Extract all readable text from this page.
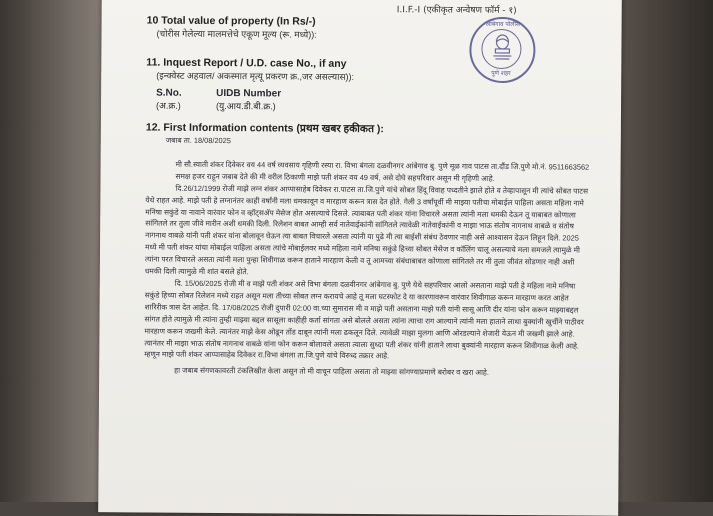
I.I.F.-I (एकीकृत अन्वेषण फॉर्म - १)
आंबेगाव पोलीस
पुणे शहर
10 Total value of property (In Rs/-)
(चोरीस गेलेल्या मालमत्तेचे एकूण मूल्य (रू. मध्ये)):
11. Inquest Report / U.D. case No., if any
(इन्क्वेस्ट अहवाल/ अकस्मात मृत्यू प्रकरण क्र.,जर असल्यास)):
S.No.	UIDB Number
(अ.क्र.)	(यु.आय.डी.बी.क्र.)
12. First Information contents (प्रथम खबर हकीकत ):
जबाब ता. 18/08/2025
मी सौ.स्वाती शंकर दिवेकर वय 44 वर्ष व्यवसाय गृहिणी रस्या रा. विभा बंगला दळवीनगर आंबेगाव बु. पुणे मूळ गाव पाटस ता.दौंड जि.पुणे मो.नं. 9511663562
समक्ष हजर राहून जबाब देते की मी वरील ठिकाणी माझे पती शंकर वय 49 वर्ष, असे दोघे सहपरिवार असून मी गृहिणी आहे.
दि.26/12/1999 रोजी माझे लग्न शंकर आप्पासाहेब दिवेकर रा.पाटस ता.जि.पुणे यांचे सोबत हिंदू विवाह पध्दतीने झाले होते व तेव्हापासून मी त्यांचे सोबत पाटस येथे राहत आहे. माझे पती हे लग्नानंतर काही वर्षांनी मला धमकावून व मारहाण करून त्रास देत होते. गेली 3 वर्षांपूर्वी मी माझ्या पतीचा मोबाईल पाहिला असता महिला नामे मनिषा सकुंडे या नावाने वारंवार फोन व व्हॉट्सॲप मेसेज होत असल्याचे दिसले. त्याबाबत पती शंकर यांना विचारले असता त्यांनी मला धमकी देऊन तू याबाबत कोणाला सांगितले तर तुला जीवे मारीन अशी धमकी दिली. रिलेशन बाबत आम्ही सर्व नातेवाईकांनी सांगितले त्यावेळी नातेवाईकांनी व माझा भाऊ संतोष नागनाथ वाबळे व संतोष नागनाथ वाबळे यांनी पती शंकर यांना बोलावून घेऊन त्या बाबत विचारले असता त्यांनी या पुढे मी त्या बाईशी संबंध ठेवणार नाही असे आश्वासन देऊन लिहून दिले. 2025 मध्ये मी पती शंकर यांचा मोबाईल पाहिला असता त्यांचे मोबाईलवर मध्ये महिला नामे मनिषा सकुंडे हिच्या सोबत मेसेज व कॉलिंग चालू असल्याचे मला समजले त्यामुळे मी त्यांना परत विचारले असता त्यांनी मला पुन्हा शिवीगाळ करून हाताने मारहाण केली व तू आमच्या संबंधाबाबत कोणाला सांगितले तर मी तुला जीवंत सोडणार नाही अशी धमकी दिली त्यामुळे मी शांत बसले होते.
दि. 15/06/2025 रोजी मी व माझे पती शंकर असे विभा बंगला दळवीनगर आंबेगाव बु. पुणे येथे सहपरिवार आलो असताना माझे पती हे महिला नामे मनिषा सकुंडे हिच्या सोबत रिलेशन मध्ये राहत असून मला तीच्या सोबत लग्न करायचे आहे तू मला घटस्फोट दे या कारणावरून वारंवार शिवीगाळ करून मारहाण करत आहेत शारिरीक त्रास देत आहेत. दि. 17/08/2025 रोजी दुपारी 02:00 वा.च्या सुमारास मी व माझे पती असताना माझे पती यांनी सासू आणि दीर यांना फोन करून माझ्याबद्दल सांगत होते त्यामुळे मी त्यांना तुम्ही माझ्या बद्दल सासूला काहीही कर्ता सांगता असे बोलले असता त्यांना त्याचा राग आल्याने त्यांनी मला हाताने लाथा बुक्यांनी खुर्चीने पाठीवर मारहाण करून जखमी केले. त्यानंतर माझे केस ओढून तोंड दाबून त्यांनी मला ढकलून दिले. त्यावेळी माझा मुलगा आणि ओरडल्याने शेजारी येऊन मी जखमी झाले आहे. त्यानंतर मी माझा भाऊ संतोष नागनाथ वाबळे यांना फोन करून बोलावले असता त्याला सुध्दा पती शंकर यांनी हाताने लाथा बुक्यांनी मारहाण करून शिवीगाळ केली आहे. म्हणून माझे पती शंकर आप्पासाहेब दिवेकर रा.विभा बंगला ता.जि.पुणे यांचे विरुध्द तक्रार आहे.
हा जबाब संगणकावरती टंकलिखीत केला असून तो मी वाचून पाहिला असता तो माझ्या सांगण्याप्रमाणे बरोबर व खरा आहे.
